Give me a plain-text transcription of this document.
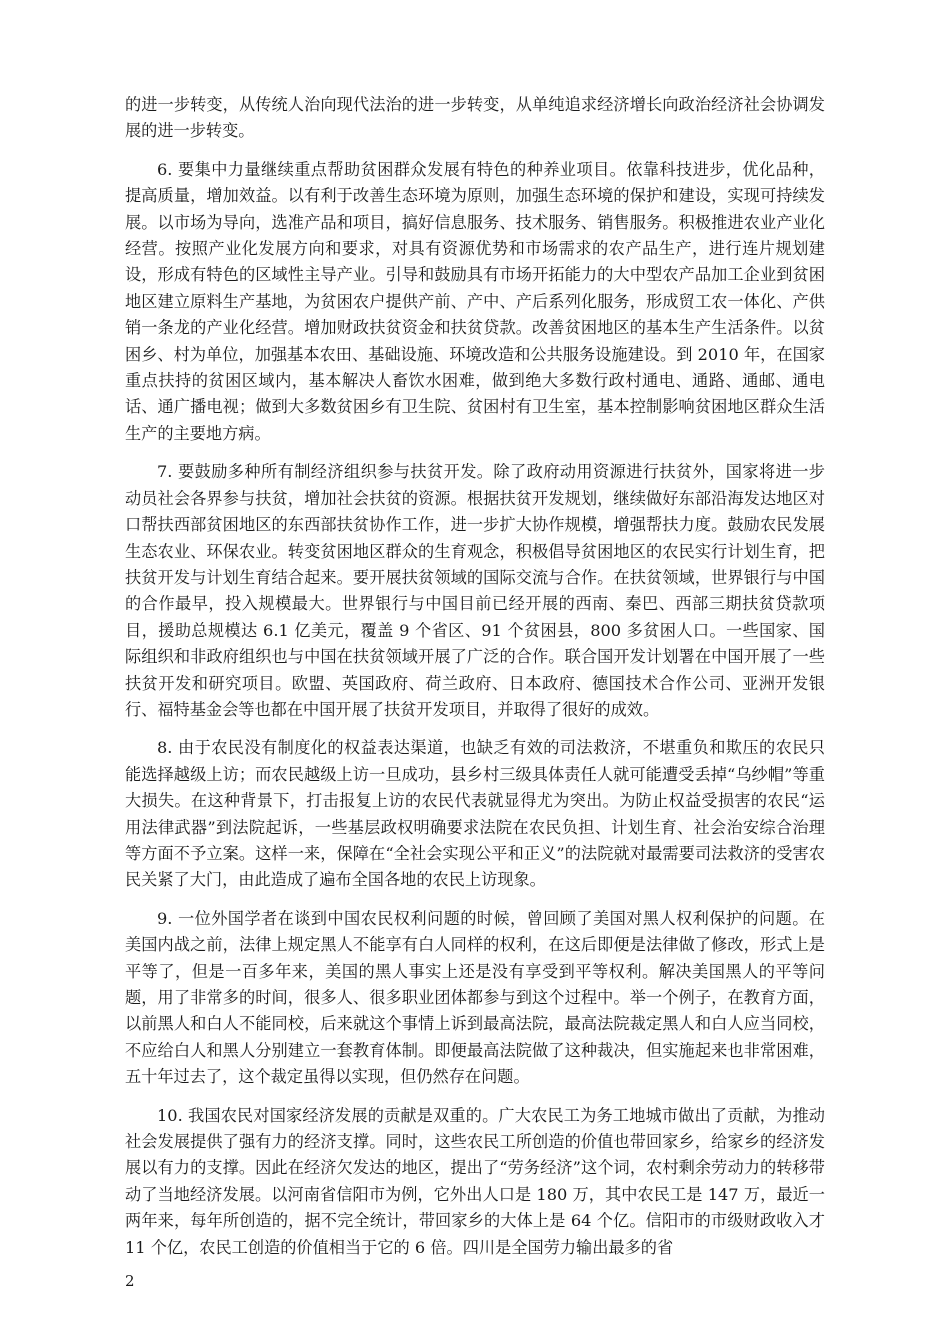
的进一步转变，从传统人治向现代法治的进一步转变，从单纯追求经济增长向政治经济社会协调发展的进一步转变。

6. 要集中力量继续重点帮助贫困群众发展有特色的种养业项目。依靠科技进步，优化品种，提高质量，增加效益。以有利于改善生态环境为原则，加强生态环境的保护和建设，实现可持续发展。以市场为导向，选准产品和项目，搞好信息服务、技术服务、销售服务。积极推进农业产业化经营。按照产业化发展方向和要求，对具有资源优势和市场需求的农产品生产，进行连片规划建设，形成有特色的区域性主导产业。引导和鼓励具有市场开拓能力的大中型农产品加工企业到贫困地区建立原料生产基地，为贫困农户提供产前、产中、产后系列化服务，形成贸工农一体化、产供销一条龙的产业化经营。增加财政扶贫资金和扶贫贷款。改善贫困地区的基本生产生活条件。以贫困乡、村为单位，加强基本农田、基础设施、环境改造和公共服务设施建设。到 2010 年，在国家重点扶持的贫困区域内，基本解决人畜饮水困难，做到绝大多数行政村通电、通路、通邮、通电话、通广播电视；做到大多数贫困乡有卫生院、贫困村有卫生室，基本控制影响贫困地区群众生活生产的主要地方病。

7. 要鼓励多种所有制经济组织参与扶贫开发。除了政府动用资源进行扶贫外，国家将进一步动员社会各界参与扶贫，增加社会扶贫的资源。根据扶贫开发规划，继续做好东部沿海发达地区对口帮扶西部贫困地区的东西部扶贫协作工作，进一步扩大协作规模，增强帮扶力度。鼓励农民发展生态农业、环保农业。转变贫困地区群众的生育观念，积极倡导贫困地区的农民实行计划生育，把扶贫开发与计划生育结合起来。要开展扶贫领域的国际交流与合作。在扶贫领域，世界银行与中国的合作最早，投入规模最大。世界银行与中国目前已经开展的西南、秦巴、西部三期扶贫贷款项目，援助总规模达 6.1 亿美元，覆盖 9 个省区、91 个贫困县，800 多贫困人口。一些国家、国际组织和非政府组织也与中国在扶贫领域开展了广泛的合作。联合国开发计划署在中国开展了一些扶贫开发和研究项目。欧盟、英国政府、荷兰政府、日本政府、德国技术合作公司、亚洲开发银行、福特基金会等也都在中国开展了扶贫开发项目，并取得了很好的成效。

8. 由于农民没有制度化的权益表达渠道，也缺乏有效的司法救济，不堪重负和欺压的农民只能选择越级上访；而农民越级上访一旦成功，县乡村三级具体责任人就可能遭受丢掉“乌纱帽”等重大损失。在这种背景下，打击报复上访的农民代表就显得尤为突出。为防止权益受损害的农民“运用法律武器”到法院起诉，一些基层政权明确要求法院在农民负担、计划生育、社会治安综合治理等方面不予立案。这样一来，保障在“全社会实现公平和正义”的法院就对最需要司法救济的受害农民关紧了大门，由此造成了遍布全国各地的农民上访现象。

9. 一位外国学者在谈到中国农民权利问题的时候，曾回顾了美国对黑人权利保护的问题。在美国内战之前，法律上规定黑人不能享有白人同样的权利，在这后即便是法律做了修改，形式上是平等了，但是一百多年来，美国的黑人事实上还是没有享受到平等权利。解决美国黑人的平等问题，用了非常多的时间，很多人、很多职业团体都参与到这个过程中。举一个例子，在教育方面，以前黑人和白人不能同校，后来就这个事情上诉到最高法院，最高法院裁定黑人和白人应当同校，不应给白人和黑人分别建立一套教育体制。即便最高法院做了这种裁决，但实施起来也非常困难，五十年过去了，这个裁定虽得以实现，但仍然存在问题。

10. 我国农民对国家经济发展的贡献是双重的。广大农民工为务工地城市做出了贡献，为推动社会发展提供了强有力的经济支撑。同时，这些农民工所创造的价值也带回家乡，给家乡的经济发展以有力的支撑。因此在经济欠发达的地区，提出了“劳务经济”这个词，农村剩余劳动力的转移带动了当地经济发展。以河南省信阳市为例，它外出人口是 180 万，其中农民工是 147 万，最近一两年来，每年所创造的，据不完全统计，带回家乡的大体上是 64 个亿。信阳市的市级财政收入才 11 个亿，农民工创造的价值相当于它的 6 倍。四川是全国劳力输出最多的省

2
